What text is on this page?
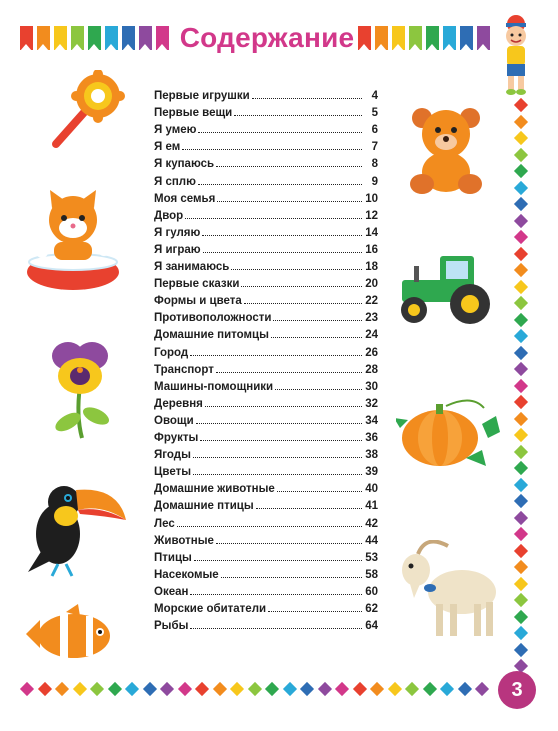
Содержание
Первые игрушки	4
Первые вещи	5
Я умею	6
Я ем	7
Я купаюсь	8
Я сплю	9
Моя семья	10
Двор	12
Я гуляю	14
Я играю	16
Я занимаюсь	18
Первые сказки	20
Формы и цвета	22
Противоположности	23
Домашние питомцы	24
Город	26
Транспорт	28
Машины-помощники	30
Деревня	32
Овощи	34
Фрукты	36
Ягоды	38
Цветы	39
Домашние животные	40
Домашние птицы	41
Лес	42
Животные	44
Птицы	53
Насекомые	58
Океан	60
Морские обитатели	62
Рыбы	64
3
